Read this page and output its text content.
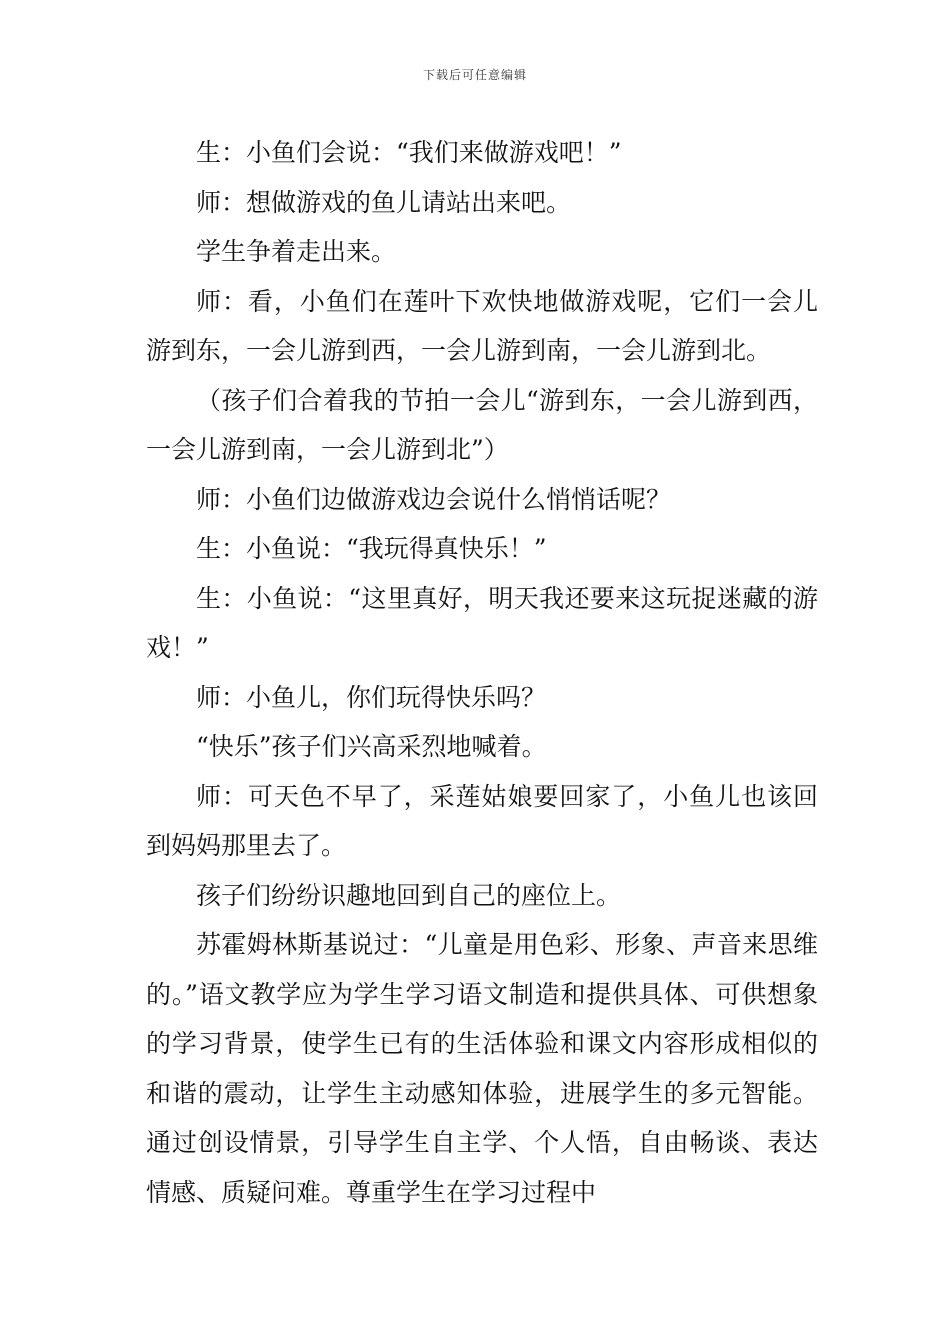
下载后可任意编辑

生：小鱼们会说：“我们来做游戏吧！”

师：想做游戏的鱼儿请站出来吧。

学生争着走出来。

师：看，小鱼们在莲叶下欢快地做游戏呢，它们一会儿游到东，一会儿游到西，一会儿游到南，一会儿游到北。

（孩子们合着我的节拍一会儿“游到东，一会儿游到西，一会儿游到南，一会儿游到北”）

师：小鱼们边做游戏边会说什么悄悄话呢？

生：小鱼说：“我玩得真快乐！”

生：小鱼说：“这里真好，明天我还要来这玩捉迷藏的游戏！”

师：小鱼儿，你们玩得快乐吗？

“快乐”孩子们兴高采烈地喊着。

师：可天色不早了，采莲姑娘要回家了，小鱼儿也该回到妈妈那里去了。

孩子们纷纷识趣地回到自己的座位上。

苏霍姆林斯基说过：“儿童是用色彩、形象、声音来思维的。”语文教学应为学生学习语文制造和提供具体、可供想象的学习背景，使学生已有的生活体验和课文内容形成相似的和谐的震动，让学生主动感知体验，进展学生的多元智能。通过创设情景，引导学生自主学、个人悟，自由畅谈、表达情感、质疑问难。尊重学生在学习过程中
